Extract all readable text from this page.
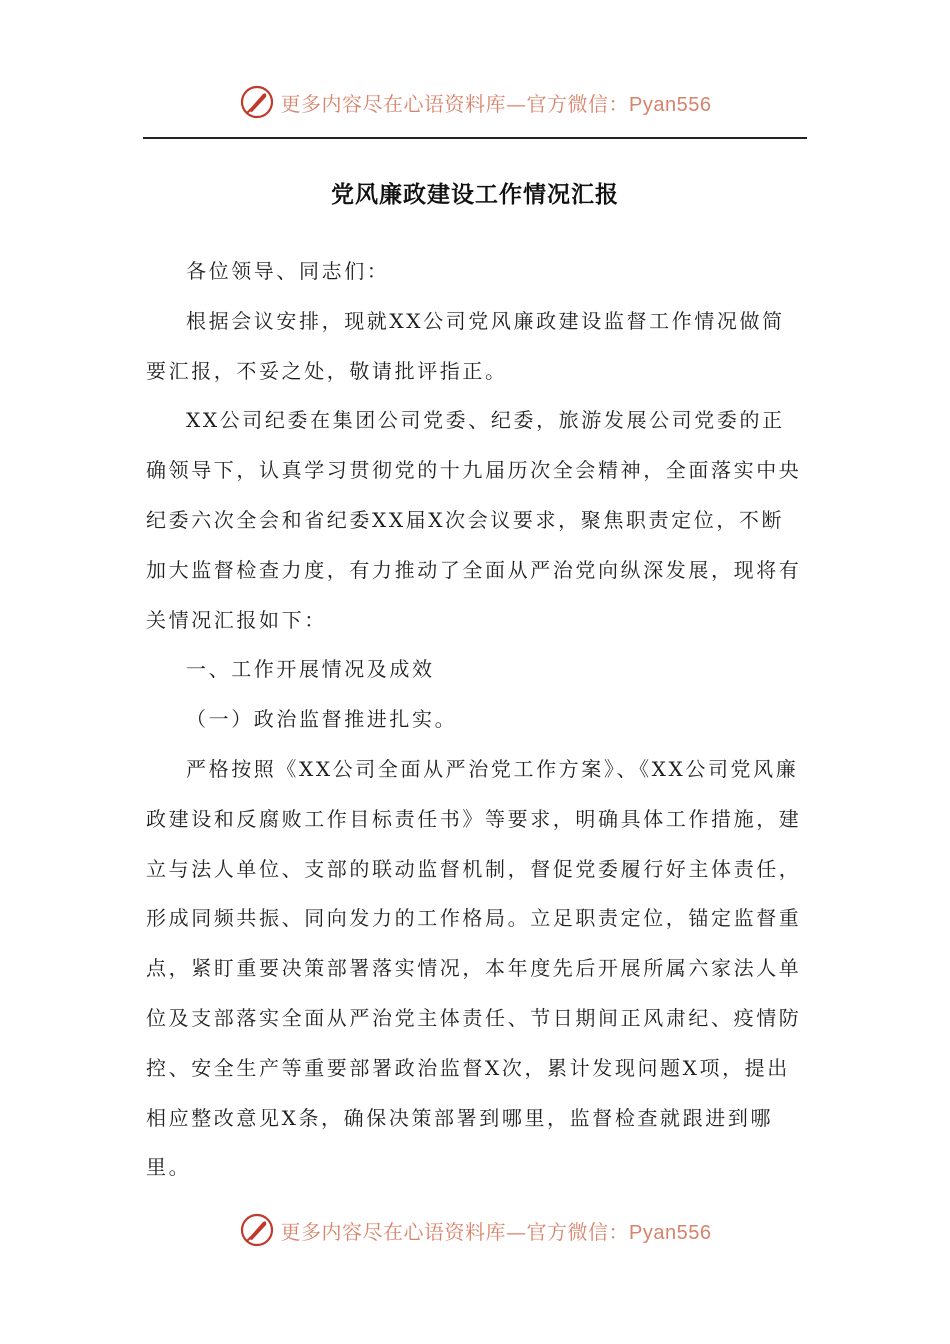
更多内容尽在心语资料库—官方微信：Pyan556
党风廉政建设工作情况汇报

各位领导、同志们：

根据会议安排，现就XX公司党风廉政建设监督工作情况做简要汇报，不妥之处，敬请批评指正。

XX公司纪委在集团公司党委、纪委，旅游发展公司党委的正确领导下，认真学习贯彻党的十九届历次全会精神，全面落实中央纪委六次全会和省纪委XX届X次会议要求，聚焦职责定位，不断加大监督检查力度，有力推动了全面从严治党向纵深发展，现将有关情况汇报如下：

一、工作开展情况及成效

（一）政治监督推进扎实。

严格按照《XX公司全面从严治党工作方案》、《XX公司党风廉政建设和反腐败工作目标责任书》等要求，明确具体工作措施，建立与法人单位、支部的联动监督机制，督促党委履行好主体责任，形成同频共振、同向发力的工作格局。立足职责定位，锚定监督重点，紧盯重要决策部署落实情况，本年度先后开展所属六家法人单位及支部落实全面从严治党主体责任、节日期间正风肃纪、疫情防控、安全生产等重要部署政治监督X次，累计发现问题X项，提出相应整改意见X条，确保决策部署到哪里，监督检查就跟进到哪里。

更多内容尽在心语资料库—官方微信：Pyan556
